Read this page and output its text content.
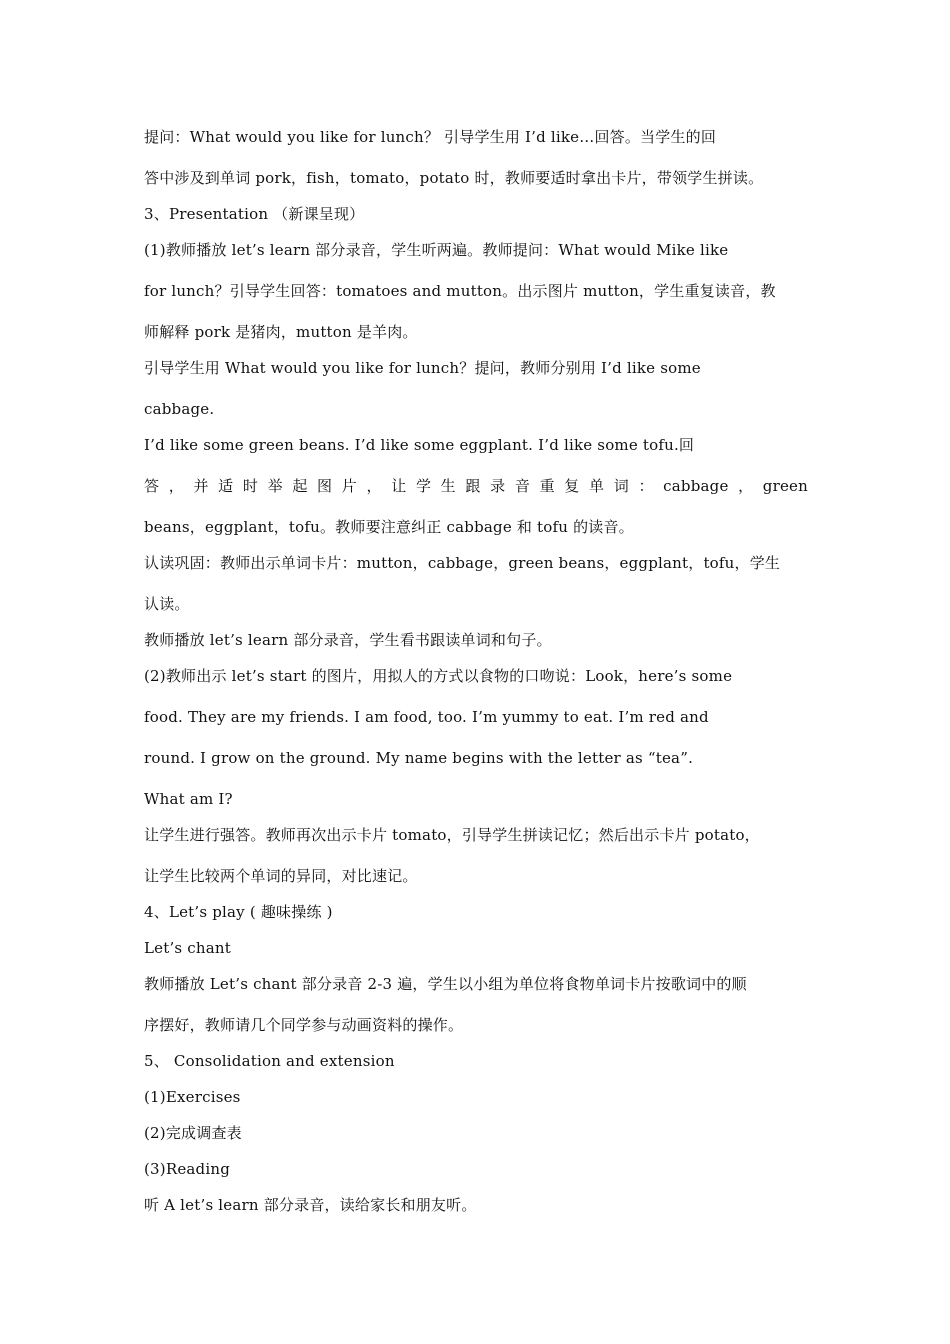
提问：What would you like for lunch？ 引导学生用 I’d like…回答。当学生的回
答中涉及到单词 pork，fish，tomato，potato 时，教师要适时拿出卡片，带领学生拼读。
3、Presentation （新课呈现）
(1)教师播放 let’s learn 部分录音，学生听两遍。教师提问：What would Mike like
for lunch？引导学生回答：tomatoes and mutton。出示图片 mutton，学生重复读音，教
师解释 pork 是猪肉，mutton 是羊肉。
引导学生用 What would you like for lunch？提问，教师分别用 I’d like some
cabbage.
I’d like some green beans. I’d like some eggplant. I’d like some tofu.回
答，并适时举起图片，让学生跟录音重复单词：cabbage，green
beans，eggplant，tofu。教师要注意纠正 cabbage 和 tofu 的读音。
认读巩固：教师出示单词卡片：mutton，cabbage，green beans，eggplant，tofu，学生
认读。
教师播放 let’s learn 部分录音，学生看书跟读单词和句子。
(2)教师出示 let’s start 的图片，用拟人的方式以食物的口吻说：Look，here’s some
food. They are my friends. I am food, too. I’m yummy to eat. I’m red and
round. I grow on the ground. My name begins with the letter as “tea”.
What am I?
让学生进行强答。教师再次出示卡片 tomato，引导学生拼读记忆；然后出示卡片 potato，
让学生比较两个单词的异同，对比速记。
4、Let’s play ( 趣味操练 )
Let’s chant
教师播放 Let’s chant 部分录音 2-3 遍，学生以小组为单位将食物单词卡片按歌词中的顺
序摆好，教师请几个同学参与动画资料的操作。
5、 Consolidation and extension
(1)Exercises
(2)完成调查表
(3)Reading
听 A let’s learn 部分录音，读给家长和朋友听。
